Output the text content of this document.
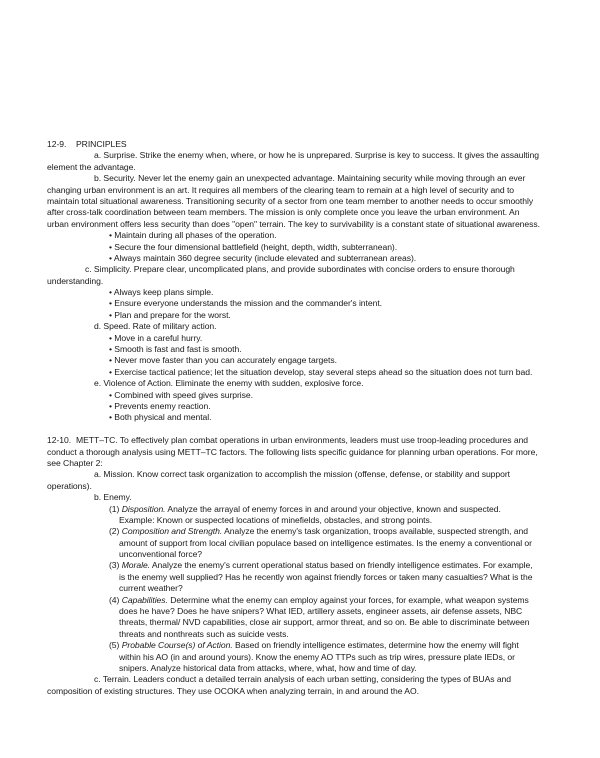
12-9. PRINCIPLES
a. Surprise. Strike the enemy when, where, or how he is unprepared. Surprise is key to success. It gives the assaulting
element the advantage.
b. Security. Never let the enemy gain an unexpected advantage. Maintaining security while moving through an ever
changing urban environment is an art. It requires all members of the clearing team to remain at a high level of security and to
maintain total situational awareness. Transitioning security of a sector from one team member to another needs to occur smoothly
after cross-talk coordination between team members. The mission is only complete once you leave the urban environment. An
urban environment offers less security than does "open" terrain. The key to survivability is a constant state of situational awareness.
• Maintain during all phases of the operation.
• Secure the four dimensional battlefield (height, depth, width, subterranean).
• Always maintain 360 degree security (include elevated and subterranean areas).
c. Simplicity. Prepare clear, uncomplicated plans, and provide subordinates with concise orders to ensure thorough
understanding.
• Always keep plans simple.
• Ensure everyone understands the mission and the commander's intent.
• Plan and prepare for the worst.
d. Speed. Rate of military action.
• Move in a careful hurry.
• Smooth is fast and fast is smooth.
• Never move faster than you can accurately engage targets.
• Exercise tactical patience; let the situation develop, stay several steps ahead so the situation does not turn bad.
e. Violence of Action. Eliminate the enemy with sudden, explosive force.
• Combined with speed gives surprise.
• Prevents enemy reaction.
• Both physical and mental.
12-10. METT–TC. To effectively plan combat operations in urban environments, leaders must use troop-leading procedures and
conduct a thorough analysis using METT–TC factors. The following lists specific guidance for planning urban operations. For more,
see Chapter 2:
a. Mission. Know correct task organization to accomplish the mission (offense, defense, or stability and support
operations).
b. Enemy.
(1) Disposition. Analyze the arrayal of enemy forces in and around your objective, known and suspected.
Example: Known or suspected locations of minefields, obstacles, and strong points.
(2) Composition and Strength. Analyze the enemy's task organization, troops available, suspected strength, and
amount of support from local civilian populace based on intelligence estimates. Is the enemy a conventional or
unconventional force?
(3) Morale. Analyze the enemy's current operational status based on friendly intelligence estimates. For example,
is the enemy well supplied? Has he recently won against friendly forces or taken many casualties? What is the
current weather?
(4) Capabilities. Determine what the enemy can employ against your forces, for example, what weapon systems
does he have? Does he have snipers? What IED, artillery assets, engineer assets, air defense assets, NBC
threats, thermal/ NVD capabilities, close air support, armor threat, and so on. Be able to discriminate between
threats and nonthreats such as suicide vests.
(5) Probable Course(s) of Action. Based on friendly intelligence estimates, determine how the enemy will fight
within his AO (in and around yours). Know the enemy AO TTPs such as trip wires, pressure plate IEDs, or
snipers. Analyze historical data from attacks, where, what, how and time of day.
c. Terrain. Leaders conduct a detailed terrain analysis of each urban setting, considering the types of BUAs and
composition of existing structures. They use OCOKA when analyzing terrain, in and around the AO.
